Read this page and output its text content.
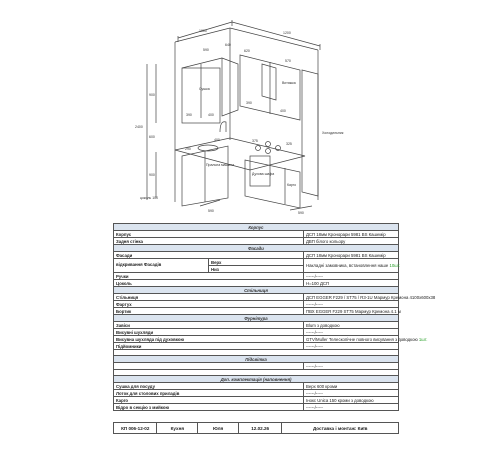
1000	1200
2400
900
600
900
цоколь 100
390	400
390
400
590
640
620
570
290
400	375
325
590	590
Сушка
Витяжка
Холодильник
Пральна машина
Духова шафа
Карго
Корпус		
Корпус		ДСП 18мм Кронорари 5981 BS Кашемір
Задня стінка		ДВП білого кольору
Фасади		
Фасади		ДСП 18мм Кронорари 5981 BS Кашемір
відкривання Фасадів	Верх	Накладні замовника, встановлення наше 10шт.
	Низ	
Ручки		------/-----
Цоколь		Н=100 ДСП
Стільниця		
Стільниця		ДСП EGGER F229 / ST75 / R3-1U Мармур Кремона 4100х600х38
Фартух		------/-----
Бортик		ПВХ EGGER F229 ST75 Мармур Кремона 4.1 м
Фурнітура		
Завіси		Blum з доводкою
Висувні шухляди		------/-----
Висувна шухляда під духовкою		GTV/Muller Телескопічне повного висування з доводкою 1шт.
Підйомники		------/-----

Підсвітка		
		------/-----

Доп. комплектація (наповнення)		
Сушка для посуду		Верх 600 кроми
Лоток для столових приладів		------/-----
Карго		Iнокс Unica 150 кроми з доводкою
Відро в секцію з мийкою		------/-----
КП 006-12-02	Кухня	Юля	12.02.26	Доставка і монтаж: Київ
